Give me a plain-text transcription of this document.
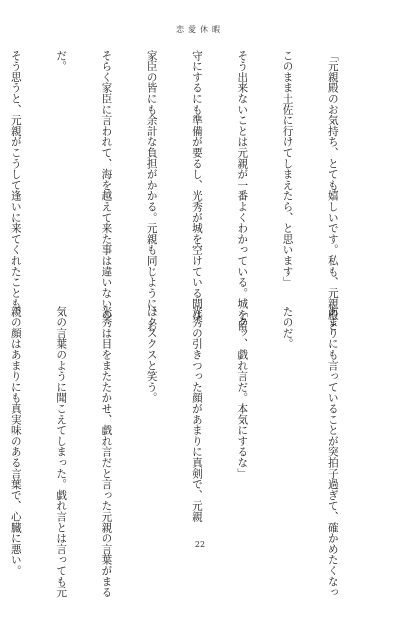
恋愛休暇

「元親殿のお気持ち、とても嬉しいです。私も、元親殿と

このまま土佐に行けてしまえたら、と思います」

そう出来ないことは元親が一番よくわかっている。城を留

守にするにも準備が要るし、光秀が城を空けている間は

家臣の皆にも余計な負担がかかる。元親も同じように、お

そらく家臣に言われて、海を越えて来た事は違いないの

だ。

そう思うと、元親がこうして逢いに来てくれたことも、

あまりにも言っていることが突拍子過ぎて、確かめたくなっ

たのだ。

「クッ、戯れ言だ。本気にするな」

光秀の引きつった顔があまりに真剣で、元親

はクスクスと笑う。

光秀は目をまたたかせ、戯れ言だと言った元親の言葉がまる

気の言葉のように聞こえてしまった。戯れ言とは言っても元

親の顔はあまりにも真実味のある言葉で、心臓に悪い。

	22
